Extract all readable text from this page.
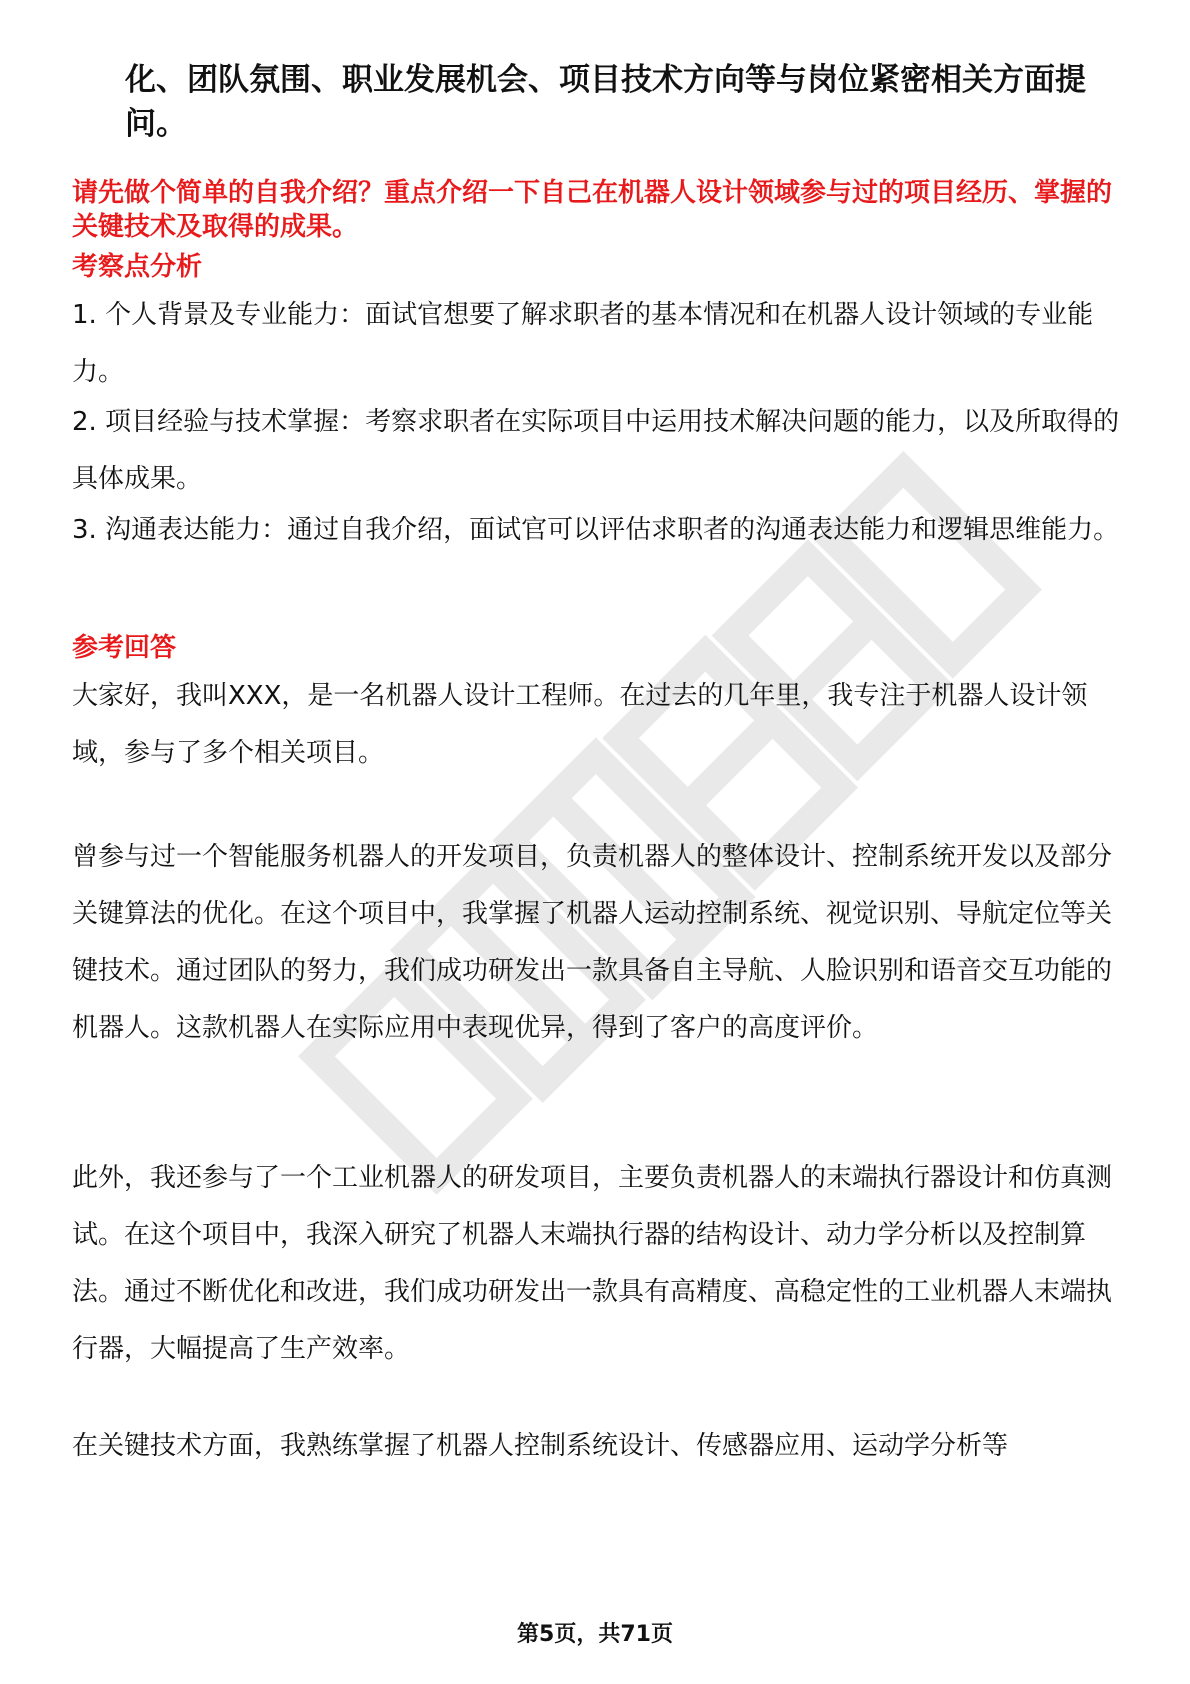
化、团队氛围、职业发展机会、项目技术方向等与岗位紧密相关方面提问。
请先做个简单的自我介绍？重点介绍一下自己在机器人设计领域参与过的项目经历、掌握的关键技术及取得的成果。
考察点分析
1. 个人背景及专业能力：面试官想要了解求职者的基本情况和在机器人设计领域的专业能力。
2. 项目经验与技术掌握：考察求职者在实际项目中运用技术解决问题的能力，以及所取得的具体成果。
3. 沟通表达能力：通过自我介绍，面试官可以评估求职者的沟通表达能力和逻辑思维能力。
参考回答
大家好，我叫XXX，是一名机器人设计工程师。在过去的几年里，我专注于机器人设计领域，参与了多个相关项目。
曾参与过一个智能服务机器人的开发项目，负责机器人的整体设计、控制系统开发以及部分关键算法的优化。在这个项目中，我掌握了机器人运动控制系统、视觉识别、导航定位等关键技术。通过团队的努力，我们成功研发出一款具备自主导航、人脸识别和语音交互功能的机器人。这款机器人在实际应用中表现优异，得到了客户的高度评价。
此外，我还参与了一个工业机器人的研发项目，主要负责机器人的末端执行器设计和仿真测试。在这个项目中，我深入研究了机器人末端执行器的结构设计、动力学分析以及控制算法。通过不断优化和改进，我们成功研发出一款具有高精度、高稳定性的工业机器人末端执行器，大幅提高了生产效率。
在关键技术方面，我熟练掌握了机器人控制系统设计、传感器应用、运动学分析等
第5页，共71页
